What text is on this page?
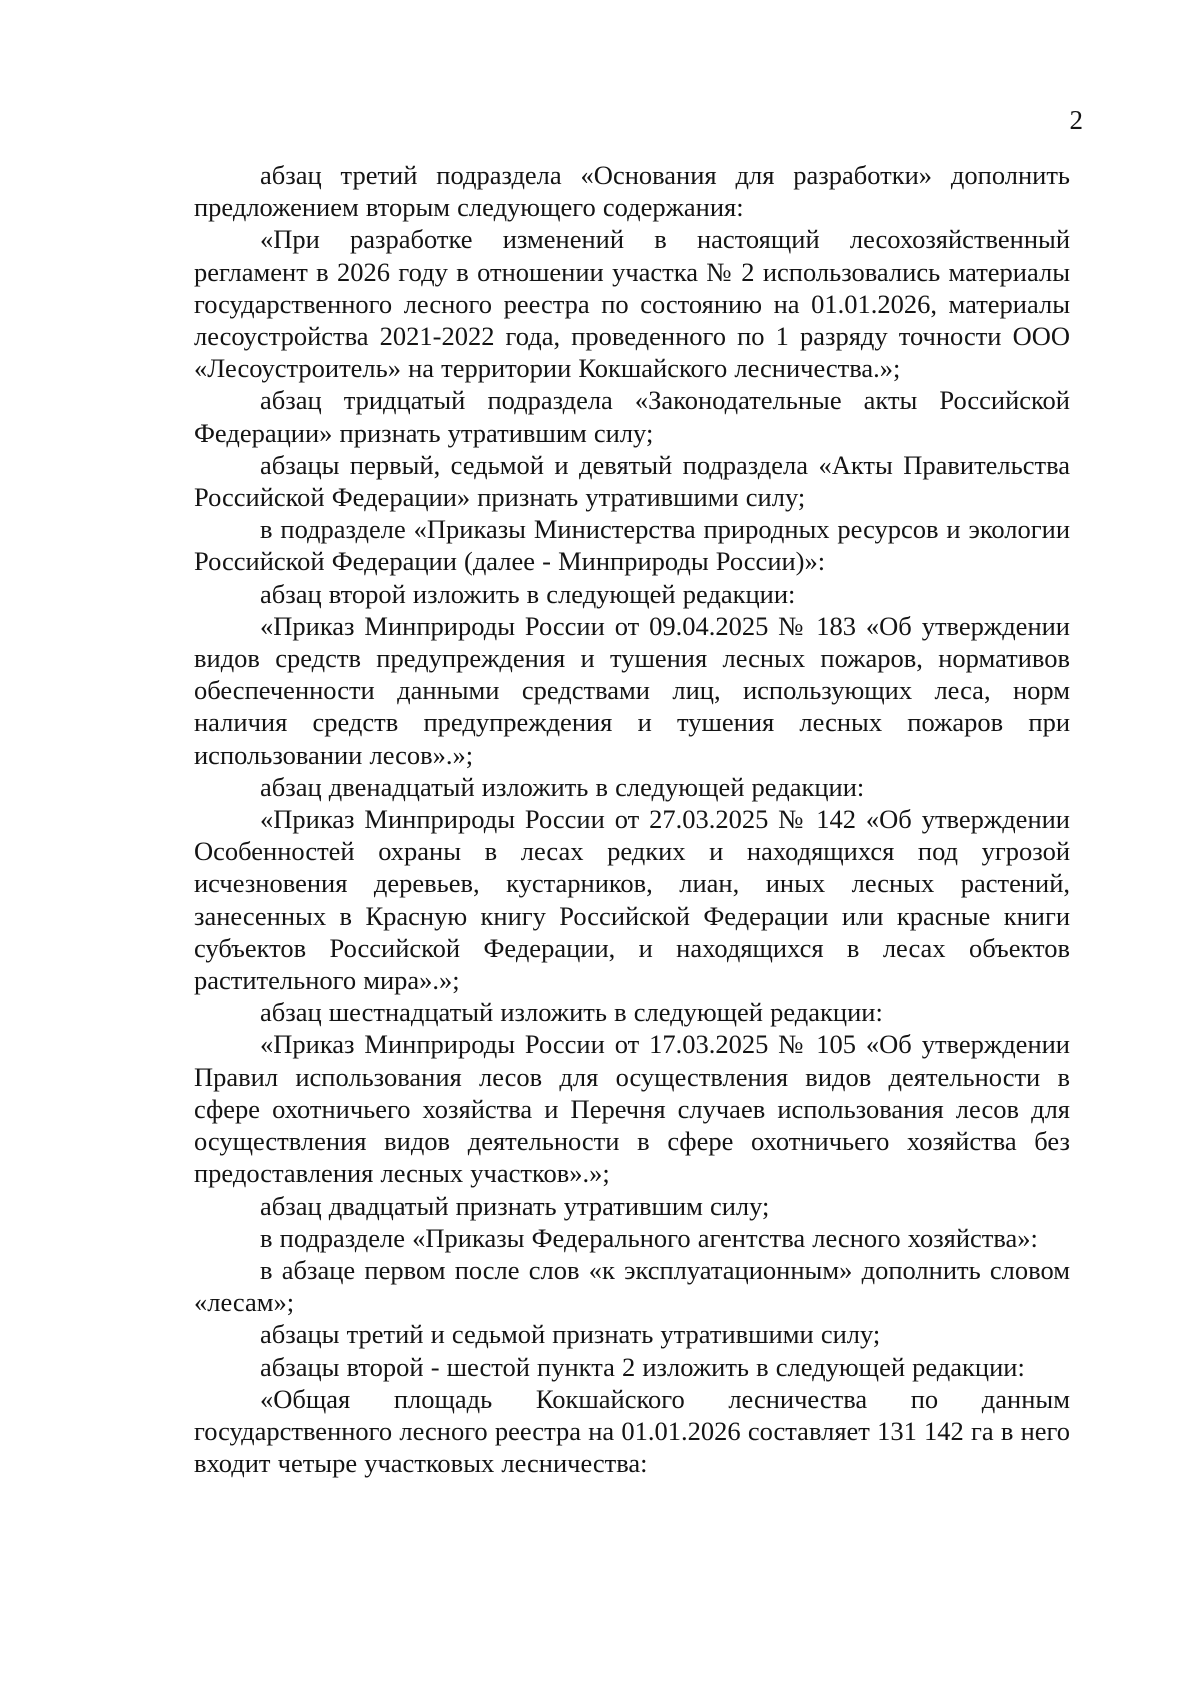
2

абзац третий подраздела «Основания для разработки» дополнить предложением вторым следующего содержания:

«При разработке изменений в настоящий лесохозяйственный регламент в 2026 году в отношении участка № 2 использовались материалы государственного лесного реестра по состоянию на 01.01.2026, материалы лесоустройства 2021-2022 года, проведенного по 1 разряду точности ООО «Лесоустроитель» на территории Кокшайского лесничества.»;

абзац тридцатый подраздела «Законодательные акты Российской Федерации» признать утратившим силу;

абзацы первый, седьмой и девятый подраздела «Акты Правительства Российской Федерации» признать утратившими силу;

в подразделе «Приказы Министерства природных ресурсов и экологии Российской Федерации (далее - Минприроды России)»:

абзац второй изложить в следующей редакции:

«Приказ Минприроды России от 09.04.2025 № 183 «Об утверждении видов средств предупреждения и тушения лесных пожаров, нормативов обеспеченности данными средствами лиц, использующих леса, норм наличия средств предупреждения и тушения лесных пожаров при использовании лесов».»;

абзац двенадцатый изложить в следующей редакции:

«Приказ Минприроды России от 27.03.2025 № 142 «Об утверждении Особенностей охраны в лесах редких и находящихся под угрозой исчезновения деревьев, кустарников, лиан, иных лесных растений, занесенных в Красную книгу Российской Федерации или красные книги субъектов Российской Федерации, и находящихся в лесах объектов растительного мира».»;

абзац шестнадцатый изложить в следующей редакции:

«Приказ Минприроды России от 17.03.2025 № 105 «Об утверждении Правил использования лесов для осуществления видов деятельности в сфере охотничьего хозяйства и Перечня случаев использования лесов для осуществления видов деятельности в сфере охотничьего хозяйства без предоставления лесных участков».»;

абзац двадцатый признать утратившим силу;

в подразделе «Приказы Федерального агентства лесного хозяйства»:

в абзаце первом после слов «к эксплуатационным» дополнить словом «лесам»;

абзацы третий и седьмой признать утратившими силу;

абзацы второй - шестой пункта 2 изложить в следующей редакции:

«Общая площадь Кокшайского лесничества по данным государственного лесного реестра на 01.01.2026 составляет 131 142 га в него входит четыре участковых лесничества:
